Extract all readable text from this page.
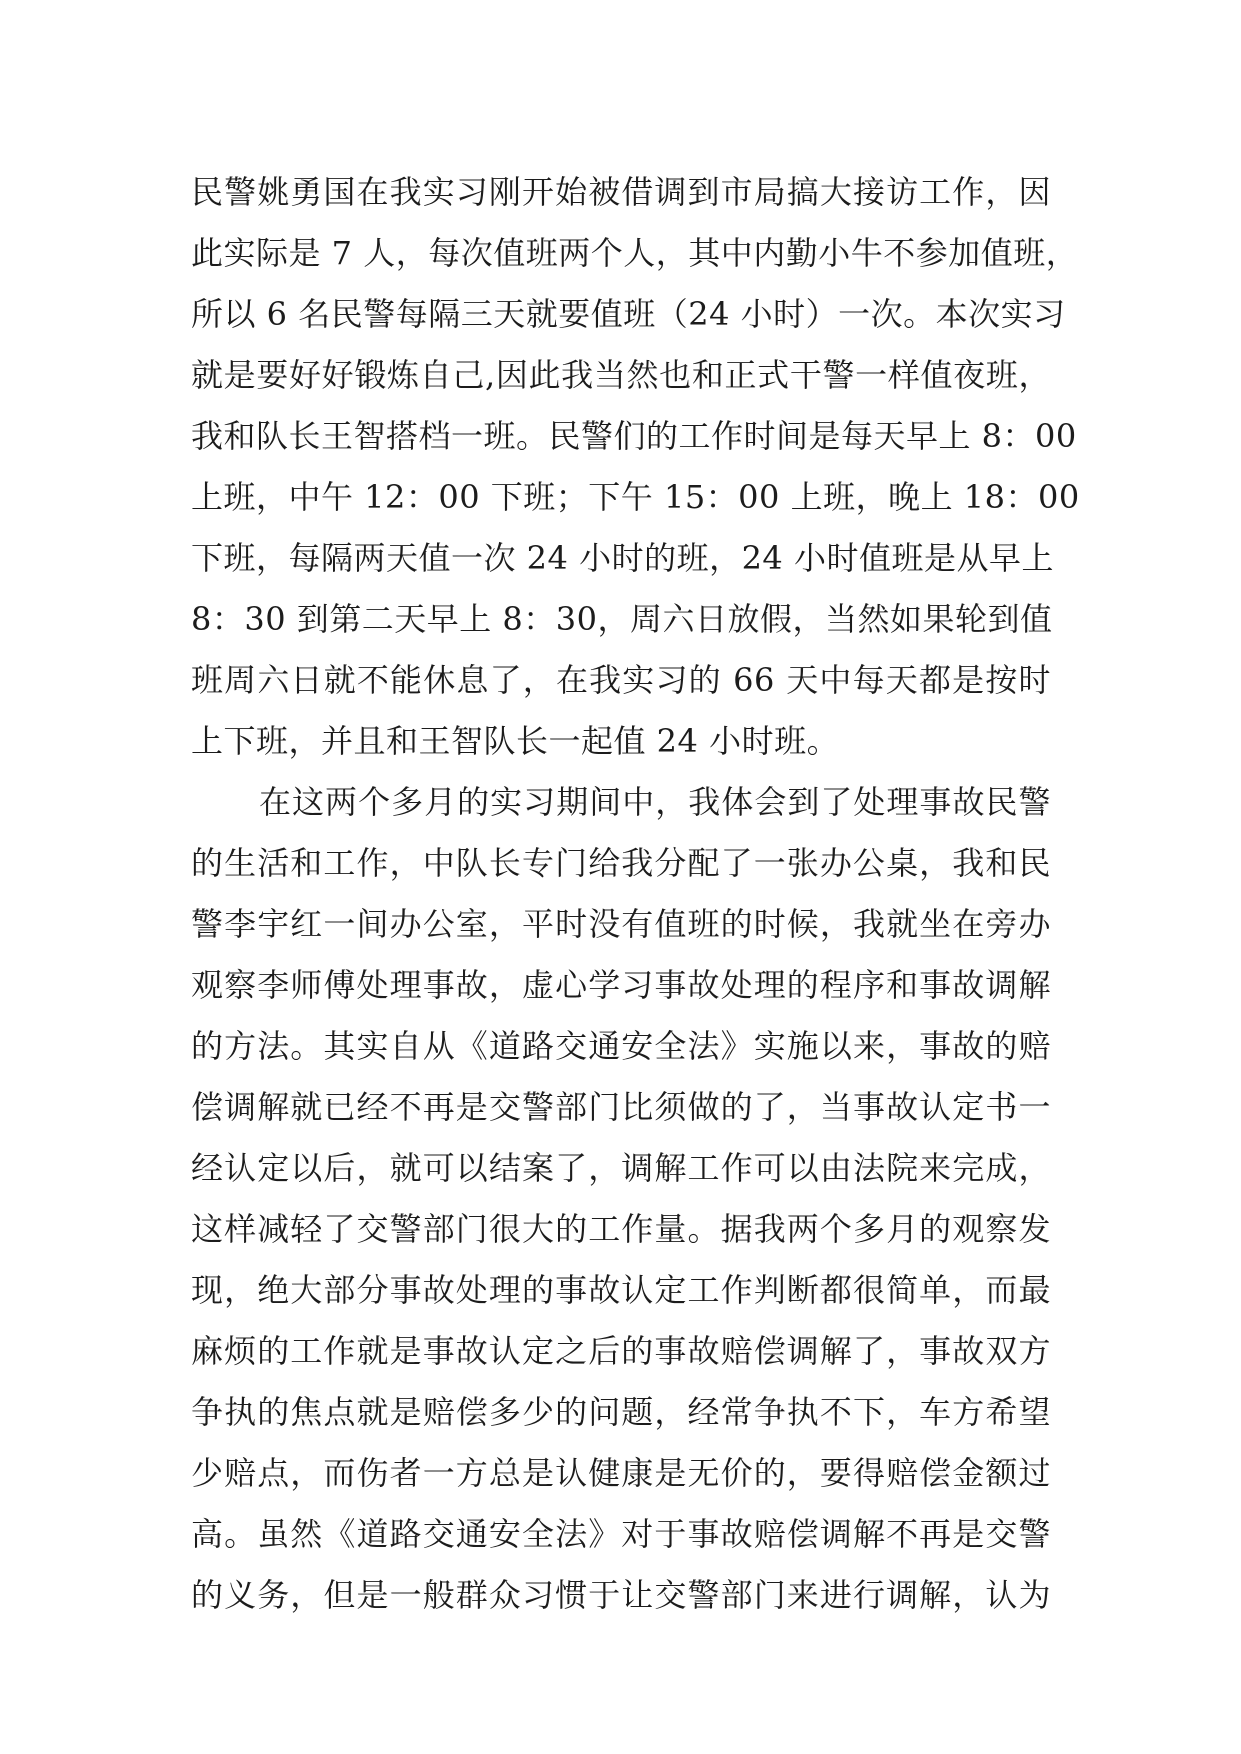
民警姚勇国在我实习刚开始被借调到市局搞大接访工作，因
此实际是 7 人，每次值班两个人，其中内勤小牛不参加值班，
所以 6 名民警每隔三天就要值班（24 小时）一次。本次实习
就是要好好锻炼自己,因此我当然也和正式干警一样值夜班，
我和队长王智搭档一班。民警们的工作时间是每天早上 8：00
上班，中午 12：00 下班；下午 15：00 上班，晚上 18：00
下班，每隔两天值一次 24 小时的班，24 小时值班是从早上
8：30 到第二天早上 8：30，周六日放假，当然如果轮到值
班周六日就不能休息了，在我实习的 66 天中每天都是按时
上下班，并且和王智队长一起值 24 小时班。
在这两个多月的实习期间中，我体会到了处理事故民警
的生活和工作，中队长专门给我分配了一张办公桌，我和民
警李宇红一间办公室，平时没有值班的时候，我就坐在旁办
观察李师傅处理事故，虚心学习事故处理的程序和事故调解
的方法。其实自从《道路交通安全法》实施以来，事故的赔
偿调解就已经不再是交警部门比须做的了，当事故认定书一
经认定以后，就可以结案了，调解工作可以由法院来完成，
这样减轻了交警部门很大的工作量。据我两个多月的观察发
现，绝大部分事故处理的事故认定工作判断都很简单，而最
麻烦的工作就是事故认定之后的事故赔偿调解了，事故双方
争执的焦点就是赔偿多少的问题，经常争执不下，车方希望
少赔点，而伤者一方总是认健康是无价的，要得赔偿金额过
高。虽然《道路交通安全法》对于事故赔偿调解不再是交警
的义务，但是一般群众习惯于让交警部门来进行调解，认为
